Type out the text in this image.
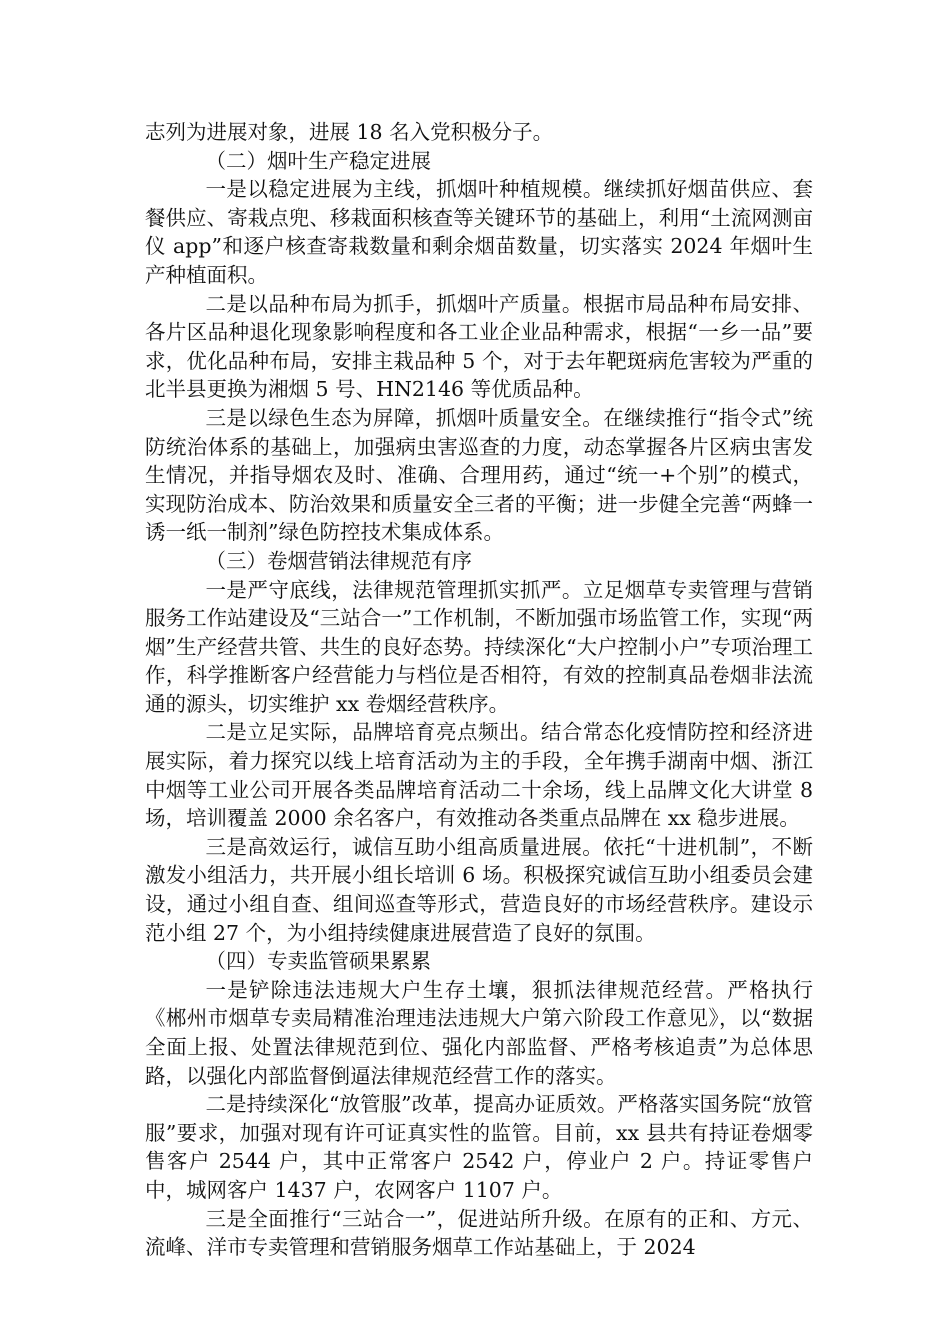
志列为进展对象，进展 18 名入党积极分子。

（二）烟叶生产稳定进展

一是以稳定进展为主线，抓烟叶种植规模。继续抓好烟苗供应、套餐供应、寄栽点兜、移栽面积核查等关键环节的基础上，利用“土流网测亩仪 app”和逐户核查寄栽数量和剩余烟苗数量，切实落实 2024 年烟叶生产种植面积。

二是以品种布局为抓手，抓烟叶产质量。根据市局品种布局安排、各片区品种退化现象影响程度和各工业企业品种需求，根据“一乡一品”要求，优化品种布局，安排主栽品种 5 个，对于去年靶斑病危害较为严重的北半县更换为湘烟 5 号、HN2146 等优质品种。

三是以绿色生态为屏障，抓烟叶质量安全。在继续推行“指令式”统防统治体系的基础上，加强病虫害巡查的力度，动态掌握各片区病虫害发生情况，并指导烟农及时、准确、合理用药，通过“统一+个别”的模式，实现防治成本、防治效果和质量安全三者的平衡；进一步健全完善“两蜂一诱一纸一制剂”绿色防控技术集成体系。

（三）卷烟营销法律规范有序

一是严守底线，法律规范管理抓实抓严。立足烟草专卖管理与营销服务工作站建设及“三站合一”工作机制，不断加强市场监管工作，实现“两烟”生产经营共管、共生的良好态势。持续深化“大户控制小户”专项治理工作，科学推断客户经营能力与档位是否相符，有效的控制真品卷烟非法流通的源头，切实维护 xx 卷烟经营秩序。

二是立足实际，品牌培育亮点频出。结合常态化疫情防控和经济进展实际，着力探究以线上培育活动为主的手段，全年携手湖南中烟、浙江中烟等工业公司开展各类品牌培育活动二十余场，线上品牌文化大讲堂 8 场，培训覆盖 2000 余名客户，有效推动各类重点品牌在 xx 稳步进展。

三是高效运行，诚信互助小组高质量进展。依托“十进机制”，不断激发小组活力，共开展小组长培训 6 场。积极探究诚信互助小组委员会建设，通过小组自查、组间巡查等形式，营造良好的市场经营秩序。建设示范小组 27 个，为小组持续健康进展营造了良好的氛围。

（四）专卖监管硕果累累

一是铲除违法违规大户生存土壤，狠抓法律规范经营。严格执行《郴州市烟草专卖局精准治理违法违规大户第六阶段工作意见》，以“数据全面上报、处置法律规范到位、强化内部监督、严格考核追责”为总体思路，以强化内部监督倒逼法律规范经营工作的落实。

二是持续深化“放管服”改革，提高办证质效。严格落实国务院“放管服”要求，加强对现有许可证真实性的监管。目前，xx 县共有持证卷烟零售客户 2544 户，其中正常客户 2542 户，停业户 2 户。持证零售户中，城网客户 1437 户，农网客户 1107 户。

三是全面推行“三站合一”，促进站所升级。在原有的正和、方元、流峰、洋市专卖管理和营销服务烟草工作站基础上，于 2024
